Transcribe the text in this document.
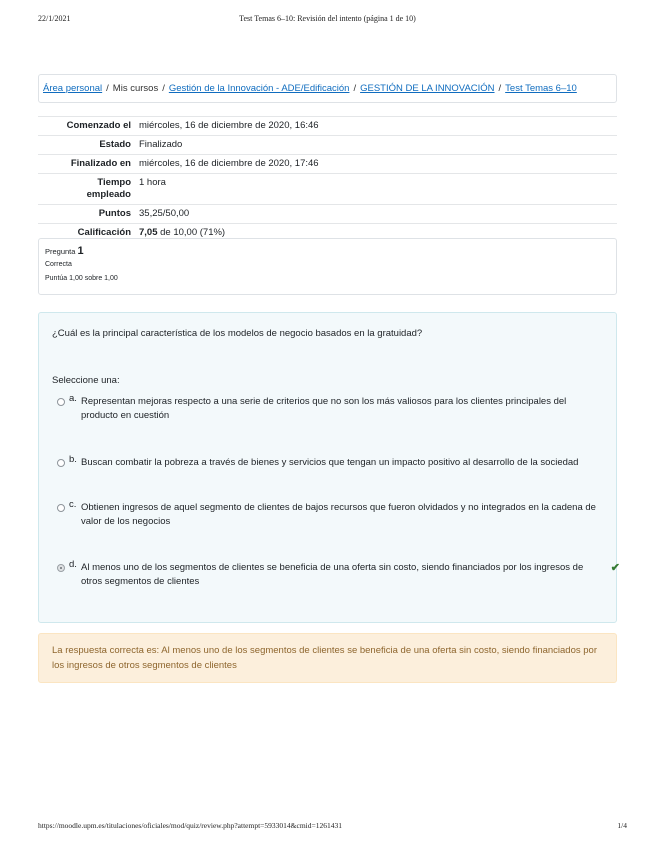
22/1/2021	Test Temas 6–10: Revisión del intento (página 1 de 10)
Área personal / Mis cursos / Gestión de la Innovación - ADE/Edificación / GESTIÓN DE LA INNOVACIÓN / Test Temas 6–10
Comenzado el	miércoles, 16 de diciembre de 2020, 16:46
Estado	Finalizado
Finalizado en	miércoles, 16 de diciembre de 2020, 17:46
Tiempo
empleado	1 hora
Puntos	35,25/50,00
Calificación	7,05 de 10,00 (71%)
Pregunta 1
Correcta
Puntúa 1,00 sobre 1,00
¿Cuál es la principal característica de los modelos de negocio basados en la gratuidad?
Seleccione una:
a. Representan mejoras respecto a una serie de criterios que no son los más valiosos para los clientes principales del producto en cuestión
b. Buscan combatir la pobreza a través de bienes y servicios que tengan un impacto positivo al desarrollo de la sociedad
c. Obtienen ingresos de aquel segmento de clientes de bajos recursos que fueron olvidados y no integrados en la cadena de valor de los negocios
d. Al menos uno de los segmentos de clientes se beneficia de una oferta sin costo, siendo financiados por los ingresos de otros segmentos de clientes
✔
La respuesta correcta es: Al menos uno de los segmentos de clientes se beneficia de una oferta sin costo, siendo financiados por los ingresos de otros segmentos de clientes
https://moodle.upm.es/titulaciones/oficiales/mod/quiz/review.php?attempt=5933014&cmid=1261431	1/4
